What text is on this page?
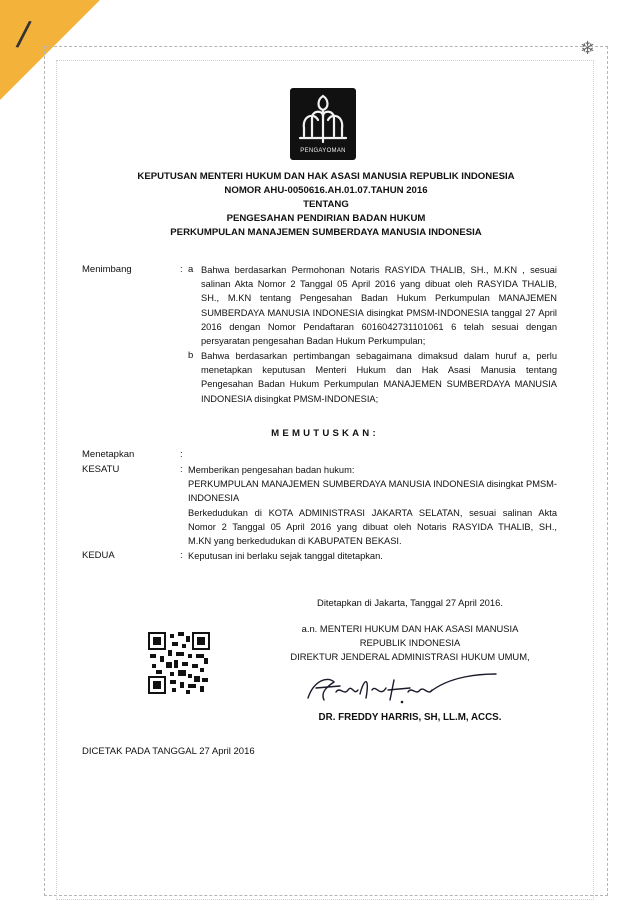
/	❄
PENGAYOMAN
KEPUTUSAN MENTERI HUKUM DAN HAK ASASI MANUSIA REPUBLIK INDONESIA
NOMOR AHU-0050616.AH.01.07.TAHUN 2016
TENTANG
PENGESAHAN PENDIRIAN BADAN HUKUM
PERKUMPULAN MANAJEMEN SUMBERDAYA MANUSIA INDONESIA
Menimbang	: a Bahwa berdasarkan Permohonan Notaris RASYIDA THALIB, SH., M.KN , sesuai
salinan Akta Nomor 2 Tanggal 05 April 2016 yang dibuat oleh RASYIDA THALIB,
SH., M.KN tentang Pengesahan Badan Hukum Perkumpulan MANAJEMEN
SUMBERDAYA MANUSIA INDONESIA disingkat PMSM-INDONESIA tanggal 27 April
2016 dengan Nomor Pendaftaran 6016042731101061 6 telah sesuai dengan
persyaratan pengesahan Badan Hukum Perkumpulan;
b Bahwa berdasarkan pertimbangan sebagaimana dimaksud dalam huruf a, perlu
menetapkan keputusan Menteri Hukum dan Hak Asasi Manusia tentang
Pengesahan Badan Hukum Perkumpulan MANAJEMEN SUMBERDAYA MANUSIA
INDONESIA disingkat PMSM-INDONESIA;
MEMUTUSKAN:
Menetapkan	:
KESATU	: Memberikan pengesahan badan hukum:
PERKUMPULAN MANAJEMEN SUMBERDAYA MANUSIA INDONESIA disingkat PMSM-
INDONESIA
Berkedudukan di KOTA ADMINISTRASI JAKARTA SELATAN, sesuai salinan Akta
Nomor 2 Tanggal 05 April 2016 yang dibuat oleh Notaris RASYIDA THALIB, SH.,
M.KN yang berkedudukan di KABUPATEN BEKASI.
KEDUA	: Keputusan ini berlaku sejak tanggal ditetapkan.
Ditetapkan di Jakarta, Tanggal 27 April 2016.
a.n. MENTERI HUKUM DAN HAK ASASI MANUSIA
REPUBLIK INDONESIA
DIREKTUR JENDERAL ADMINISTRASI HUKUM UMUM,
DR. FREDDY HARRIS, SH, LL.M, ACCS.
DICETAK PADA TANGGAL 27 April 2016
